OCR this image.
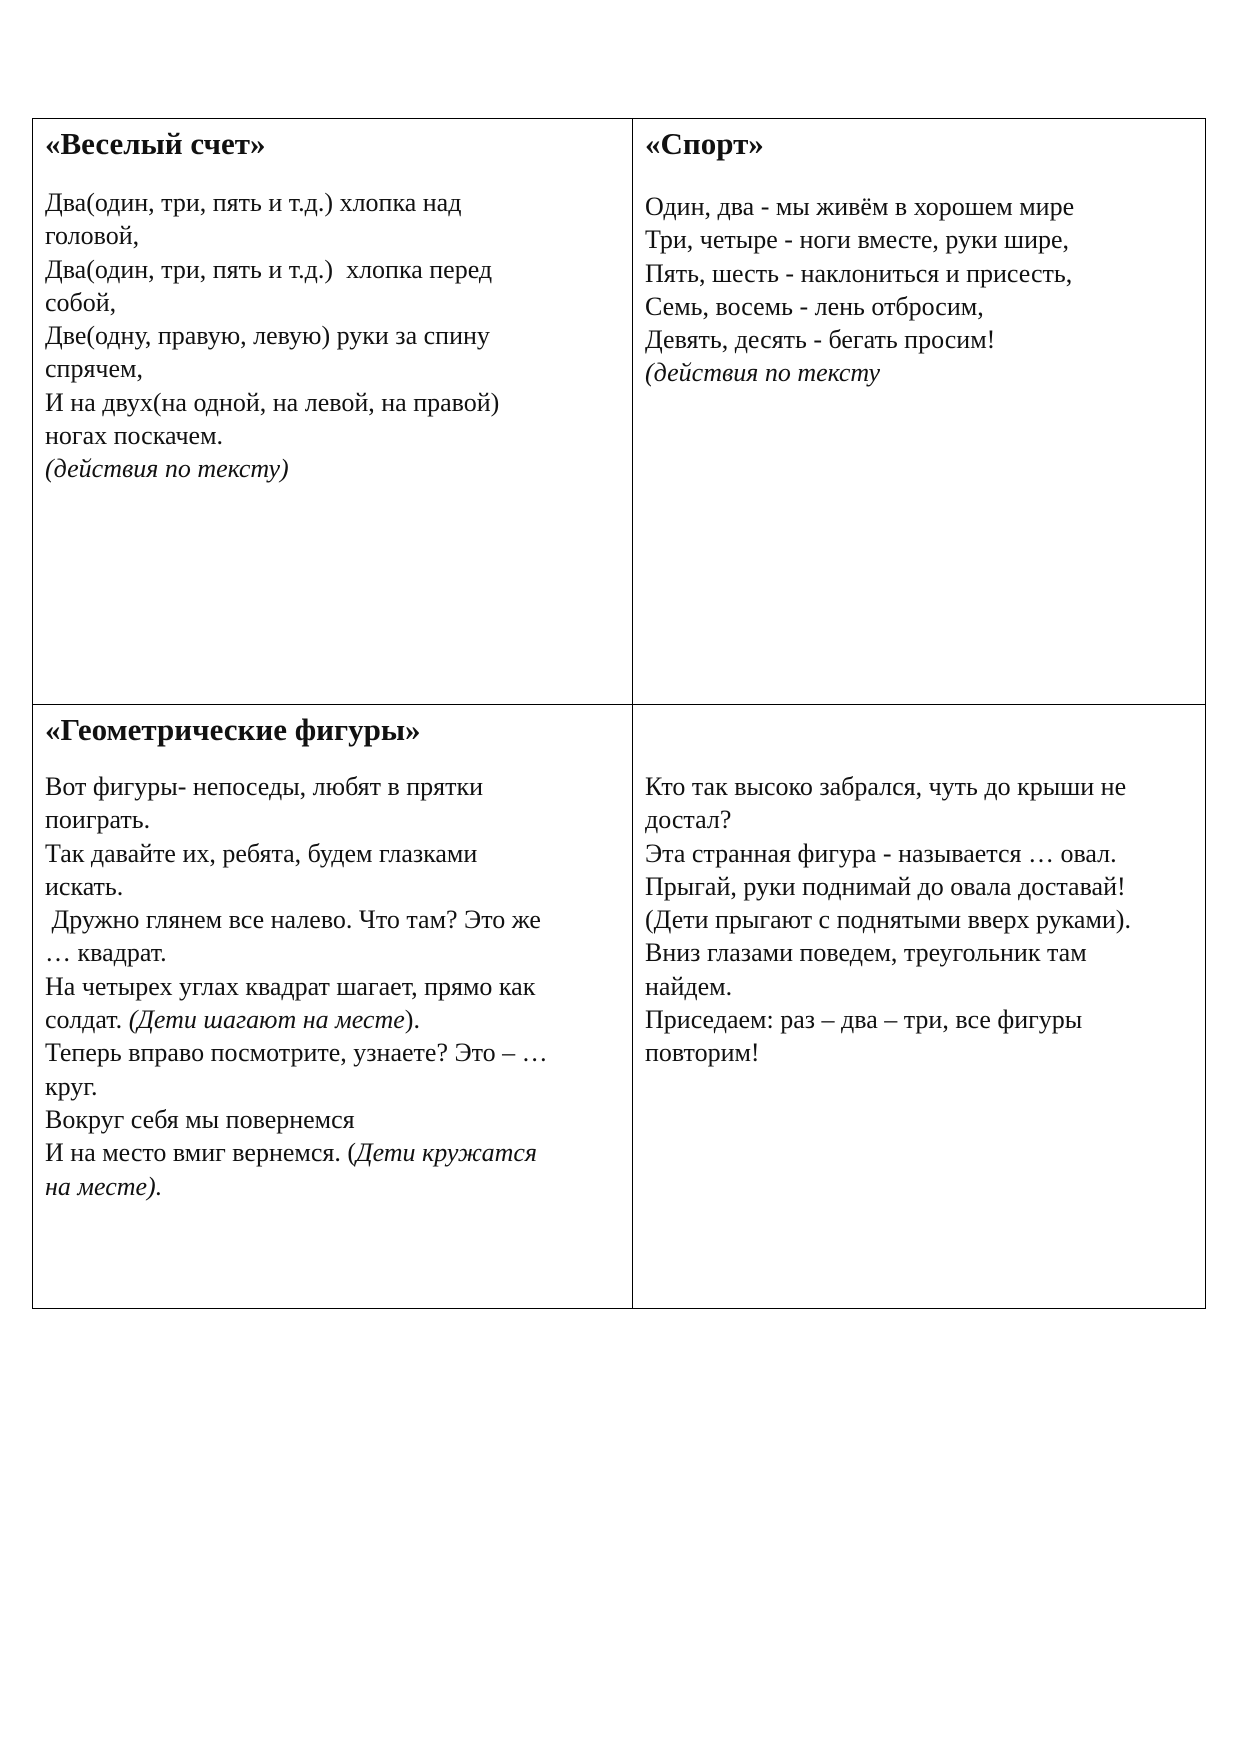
«Веселый счет»
Два(один, три, пять и т.д.) хлопка над
головой,
Два(один, три, пять и т.д.)  хлопка перед
собой,
Две(одну, правую, левую) руки за спину
спрячем,
И на двух(на одной, на левой, на правой)
ногах поскачем.
(действия по тексту)
«Спорт»
Один, два - мы живём в хорошем мире
Три, четыре - ноги вместе, руки шире,
Пять, шесть - наклониться и присесть,
Семь, восемь - лень отбросим,
Девять, десять - бегать просим!
(действия по тексту
«Геометрические фигуры»
Вот фигуры- непоседы, любят в прятки
поиграть.
Так давайте их, ребята, будем глазками
искать.
Дружно глянем все налево. Что там? Это же
… квадрат.
На четырех углах квадрат шагает, прямо как
солдат. (Дети шагают на месте).
Теперь вправо посмотрите, узнаете? Это – …
круг.
Вокруг себя мы повернемся
И на место вмиг вернемся. (Дети кружатся
на месте).
Кто так высоко забрался, чуть до крыши не
достал?
Эта странная фигура - называется … овал.
Прыгай, руки поднимай до овала доставай!
(Дети прыгают с поднятыми вверх руками).
Вниз глазами поведем, треугольник там
найдем.
Приседаем: раз – два – три, все фигуры
повторим!
